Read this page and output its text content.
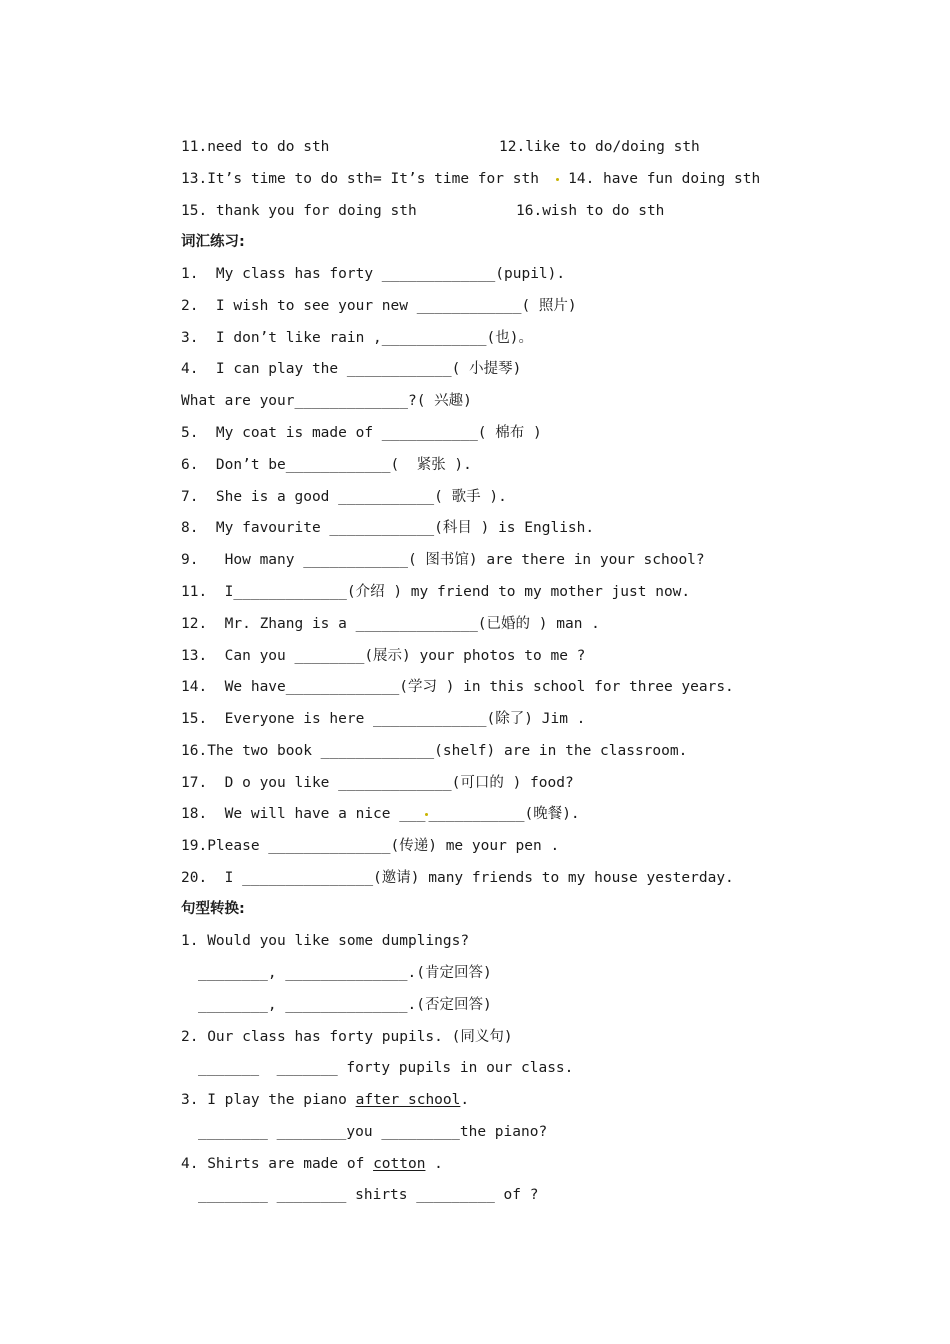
11.need to do sth	12.like to do/doing sth
13.It’s time to do sth= It’s time for sth 14. have fun doing sth
15. thank you for doing sth	16.wish to do sth
词汇练习:
1.  My class has forty _____________(pupil).
2.  I wish to see your new ____________( 照片)
3.  I don’t like rain ,____________(也)。
4.  I can play the ____________( 小提琴)
What are your_____________?( 兴趣)
5.  My coat is made of ___________( 棉布 )
6.  Don’t be____________(  紧张 ).
7.  She is a good ___________( 歌手 ).
8.  My favourite ____________(科目 ) is English.
9.   How many ____________( 图书馆) are there in your school?
11.  I_____________(介绍 ) my friend to my mother just now.
12.  Mr. Zhang is a ______________(已婚的 ) man .
13.  Can you ________(展示) your photos to me ?
14.  We have_____________(学习 ) in this school for three years.
15.  Everyone is here _____________(除了) Jim .
16.The two book _____________(shelf) are in the classroom.
17.  D o you like _____________(可口的 ) food?
18.  We will have a nice ___ ___________(晚餐).
19.Please ______________(传递) me your pen .
20.  I _______________(邀请) many friends to my house yesterday.
句型转换:
1. Would you like some dumplings?
________, ______________.(肯定回答)
________, ______________.(否定回答)
2. Our class has forty pupils. (同义句)
_______  _______ forty pupils in our class.
3. I play the piano after school.
________ ________you _________the piano?
4. Shirts are made of cotton .
________ ________ shirts _________ of ?
